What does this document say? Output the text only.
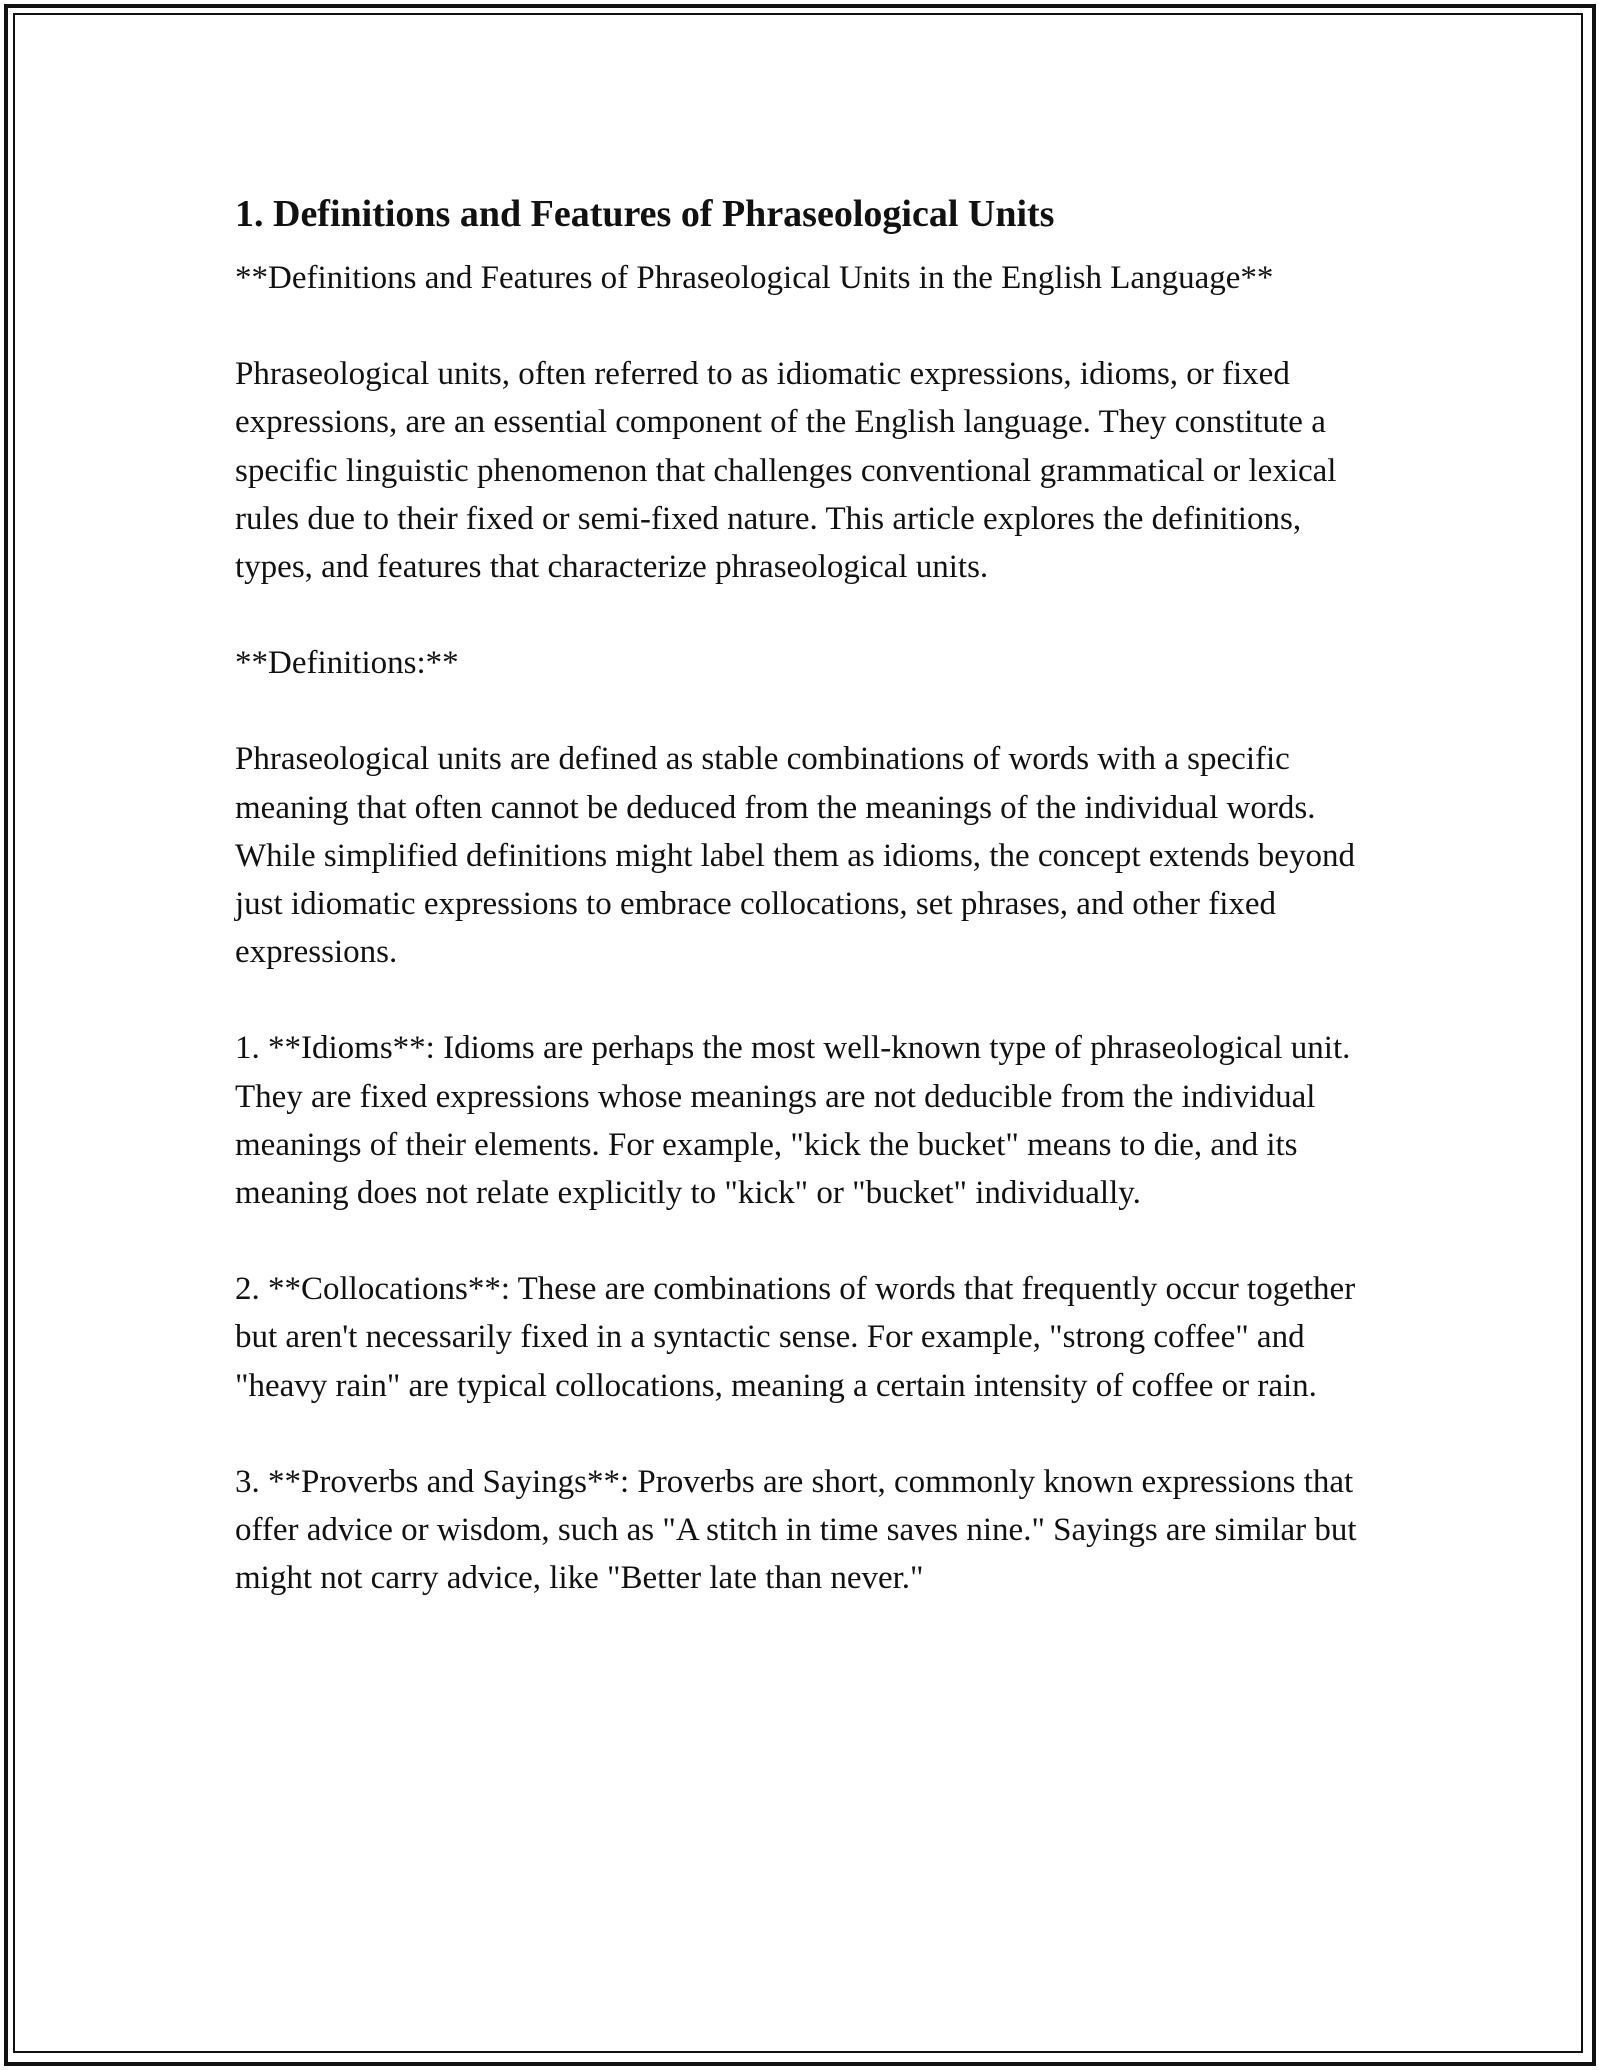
1. Definitions and Features of Phraseological Units

**Definitions and Features of Phraseological Units in the English Language**

Phraseological units, often referred to as idiomatic expressions, idioms, or fixed expressions, are an essential component of the English language. They constitute a specific linguistic phenomenon that challenges conventional grammatical or lexical rules due to their fixed or semi-fixed nature. This article explores the definitions, types, and features that characterize phraseological units.

**Definitions:**

Phraseological units are defined as stable combinations of words with a specific meaning that often cannot be deduced from the meanings of the individual words. While simplified definitions might label them as idioms, the concept extends beyond just idiomatic expressions to embrace collocations, set phrases, and other fixed expressions.

1. **Idioms**: Idioms are perhaps the most well-known type of phraseological unit. They are fixed expressions whose meanings are not deducible from the individual meanings of their elements. For example, "kick the bucket" means to die, and its meaning does not relate explicitly to "kick" or "bucket" individually.

2. **Collocations**: These are combinations of words that frequently occur together but aren't necessarily fixed in a syntactic sense. For example, "strong coffee" and "heavy rain" are typical collocations, meaning a certain intensity of coffee or rain.

3. **Proverbs and Sayings**: Proverbs are short, commonly known expressions that offer advice or wisdom, such as "A stitch in time saves nine." Sayings are similar but might not carry advice, like "Better late than never."
